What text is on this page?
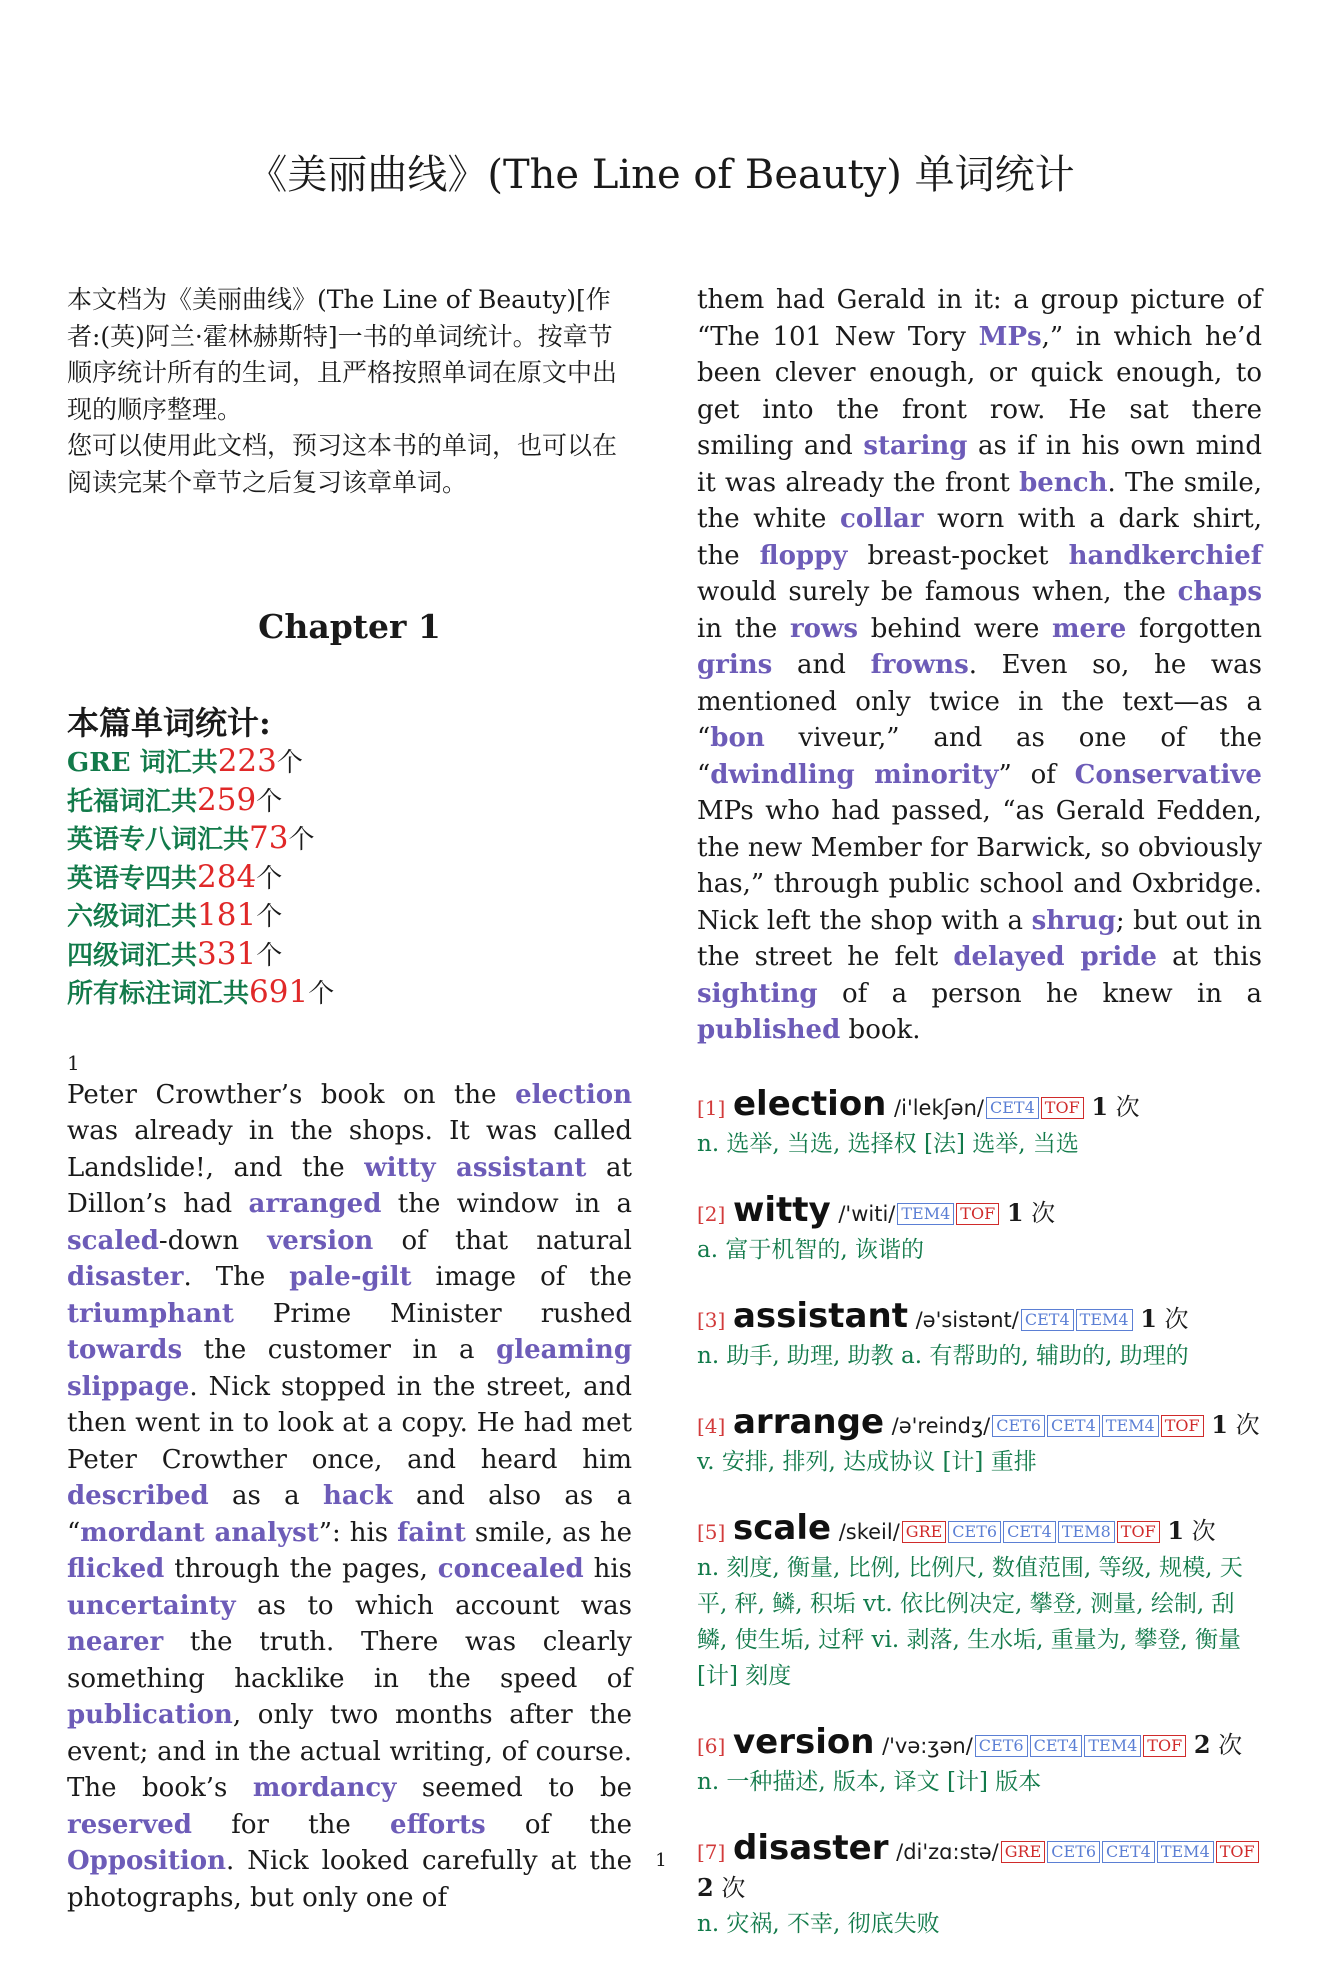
《美丽曲线》(The Line of Beauty) 单词统计
本文档为《美丽曲线》(The Line of Beauty)[作者:(英)阿兰·霍林赫斯特]一书的单词统计。按章节顺序统计所有的生词，且严格按照单词在原文中出现的顺序整理。
您可以使用此文档，预习这本书的单词，也可以在阅读完某个章节之后复习该章单词。
Chapter 1
本篇单词统计:
GRE 词汇共223个
托福词汇共259个
英语专八词汇共73个
英语专四共284个
六级词汇共181个
四级词汇共331个
所有标注词汇共691个
1

Peter Crowther’s book on the election was already in the shops. It was called Landslide!, and the witty assistant at Dillon’s had arranged the window in a scaled-down version of that natural disaster. The pale-gilt image of the triumphant Prime Minister rushed towards the customer in a gleaming slippage. Nick stopped in the street, and then went in to look at a copy. He had met Peter Crowther once, and heard him described as a hack and also as a “mordant analyst”: his faint smile, as he flicked through the pages, concealed his uncertainty as to which account was nearer the truth. There was clearly something hacklike in the speed of publication, only two months after the event; and in the actual writing, of course. The book’s mordancy seemed to be reserved for the efforts of the Opposition. Nick looked carefully at the photographs, but only one of

them had Gerald in it: a group picture of “The 101 New Tory MPs,” in which he’d been clever enough, or quick enough, to get into the front row. He sat there smiling and staring as if in his own mind it was already the front bench. The smile, the white collar worn with a dark shirt, the floppy breast-pocket handkerchief would surely be famous when, the chaps in the rows behind were mere forgotten grins and frowns. Even so, he was mentioned only twice in the text—as a “bon viveur,” and as one of the “dwindling minority” of Conservative MPs who had passed, “as Gerald Fedden, the new Member for Barwick, so obviously has,” through public school and Oxbridge. Nick left the shop with a shrug; but out in the street he felt delayed pride at this sighting of a person he knew in a published book.

[1] election /i'lekʃən/ CET4 TOF 1 次
n. 选举, 当选, 选择权 [法] 选举, 当选
[2] witty /'witi/ TEM4 TOF 1 次
a. 富于机智的, 诙谐的
[3] assistant /ə'sistənt/ CET4 TEM4 1 次
n. 助手, 助理, 助教 a. 有帮助的, 辅助的, 助理的
[4] arrange /ə'reindʒ/ CET6 CET4 TEM4 TOF 1 次
v. 安排, 排列, 达成协议 [计] 重排
[5] scale /skeil/ GRE CET6 CET4 TEM8 TOF 1 次
n. 刻度, 衡量, 比例, 比例尺, 数值范围, 等级, 规模, 天平, 秤, 鳞, 积垢 vt. 依比例决定, 攀登, 测量, 绘制, 刮鳞, 使生垢, 过秤 vi. 剥落, 生水垢, 重量为, 攀登, 衡量 [计] 刻度
[6] version /'və:ʒən/ CET6 CET4 TEM4 TOF 2 次
n. 一种描述, 版本, 译文 [计] 版本
[7] disaster /di'zɑ:stə/ GRE CET6 CET4 TEM4 TOF 2 次
n. 灾祸, 不幸, 彻底失败
1
